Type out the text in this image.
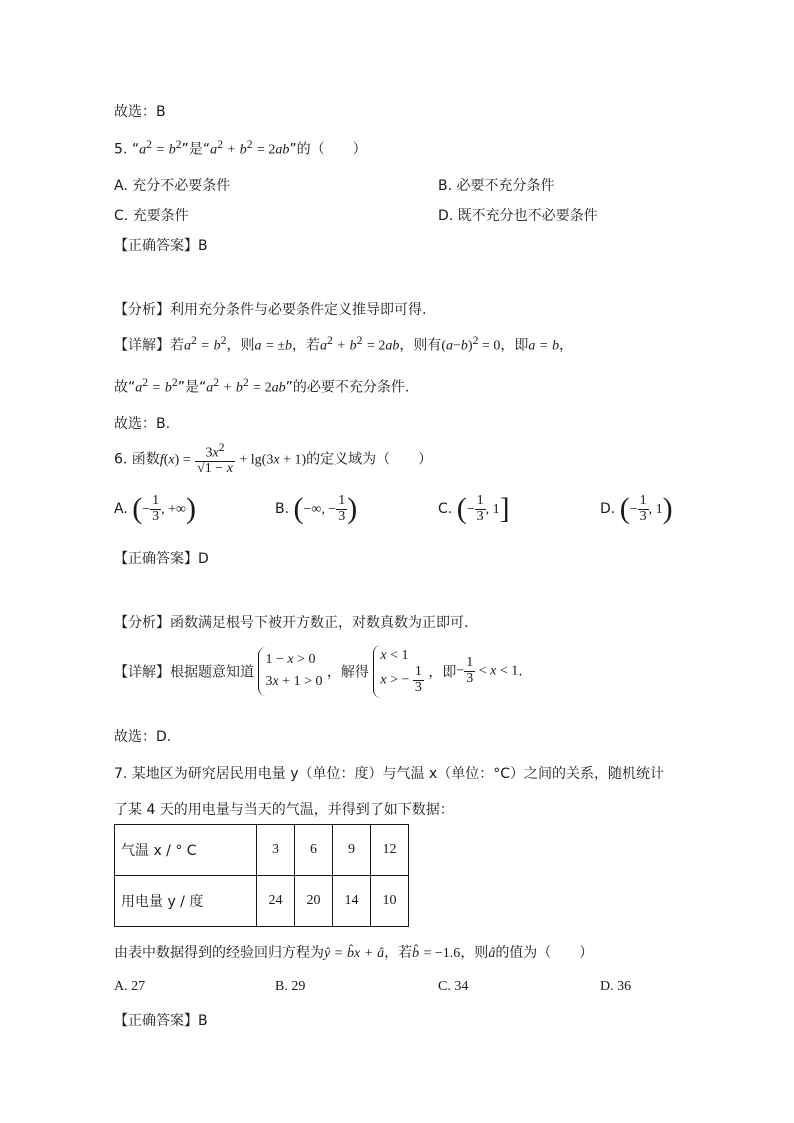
故选：B
5. “$a^2 = b^2$”是“$a^2 + b^2 = 2ab$”的（　　）
A. 充分不必要条件	B. 必要不充分条件
C. 充要条件	D. 既不充分也不必要条件
【正确答案】B
【分析】利用充分条件与必要条件定义推导即可得.
【详解】若$a^2 = b^2$，则a = ±b，若$a^2 + b^2 = 2ab$，则有$(a-b)^2 = 0$，即a = b，
故“$a^2 = b^2$”是“$a^2 + b^2 = 2ab$”的必要不充分条件.
故选：B.
6. 函数$f(x) = \frac{3x^2}{√1 - x} + \lg(3x + 1)$的定义域为（　　）
A. (− $\frac{1}{3}$ , +∞)	B. (−∞, − $\frac{1}{3}$ )	C. (− $\frac{1}{3}$ , 1]	D. (− $\frac{1}{3}$ , 1)
【正确答案】D
【分析】函数满足根号下被开方数正，对数真数为正即可.
【详解】根据题意知道 1 − x > 0
3x + 1 > 0 ，解得 x < 1
x > − $\frac{1}{3}$ ，即− $\frac{1}{3} < x < 1$.
故选：D.
7. 某地区为研究居民用电量 y（单位：度）与气温 x（单位：°C）之间的关系，随机统计
了某 4 天的用电量与当天的气温，并得到了如下数据：
气温 x / ° C	3	6	9	12
用电量 y / 度	24	20	14	10
由表中数据得到的经验回归方程为ŷ = b̂x + â，若b̂ = −1.6，则â的值为（　　）
A. 27	B. 29	C. 34	D. 36
【正确答案】B
